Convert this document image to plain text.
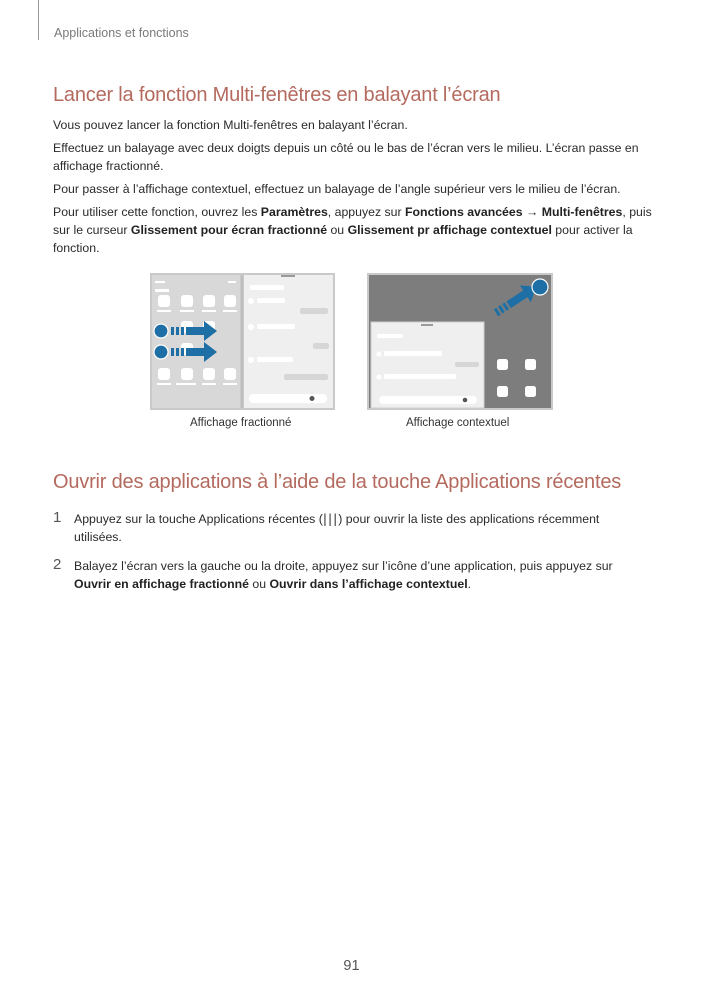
Applications et fonctions
Lancer la fonction Multi-fenêtres en balayant l’écran

Vous pouvez lancer la fonction Multi-fenêtres en balayant l’écran.

Effectuez un balayage avec deux doigts depuis un côté ou le bas de l’écran vers le milieu. L’écran passe en affichage fractionné.

Pour passer à l’affichage contextuel, effectuez un balayage de l’angle supérieur vers le milieu de l’écran.

Pour utiliser cette fonction, ouvrez les Paramètres, appuyez sur Fonctions avancées → Multi-fenêtres, puis sur le curseur Glissement pour écran fractionné ou Glissement pr affichage contextuel pour activer la fonction.

Affichage fractionné	Affichage contextuel
Ouvrir des applications à l’aide de la touche Applications récentes
1 Appuyez sur la touche Applications récentes (|||) pour ouvrir la liste des applications récemment utilisées.
2 Balayez l’écran vers la gauche ou la droite, appuyez sur l’icône d’une application, puis appuyez sur Ouvrir en affichage fractionné ou Ouvrir dans l’affichage contextuel.
91
